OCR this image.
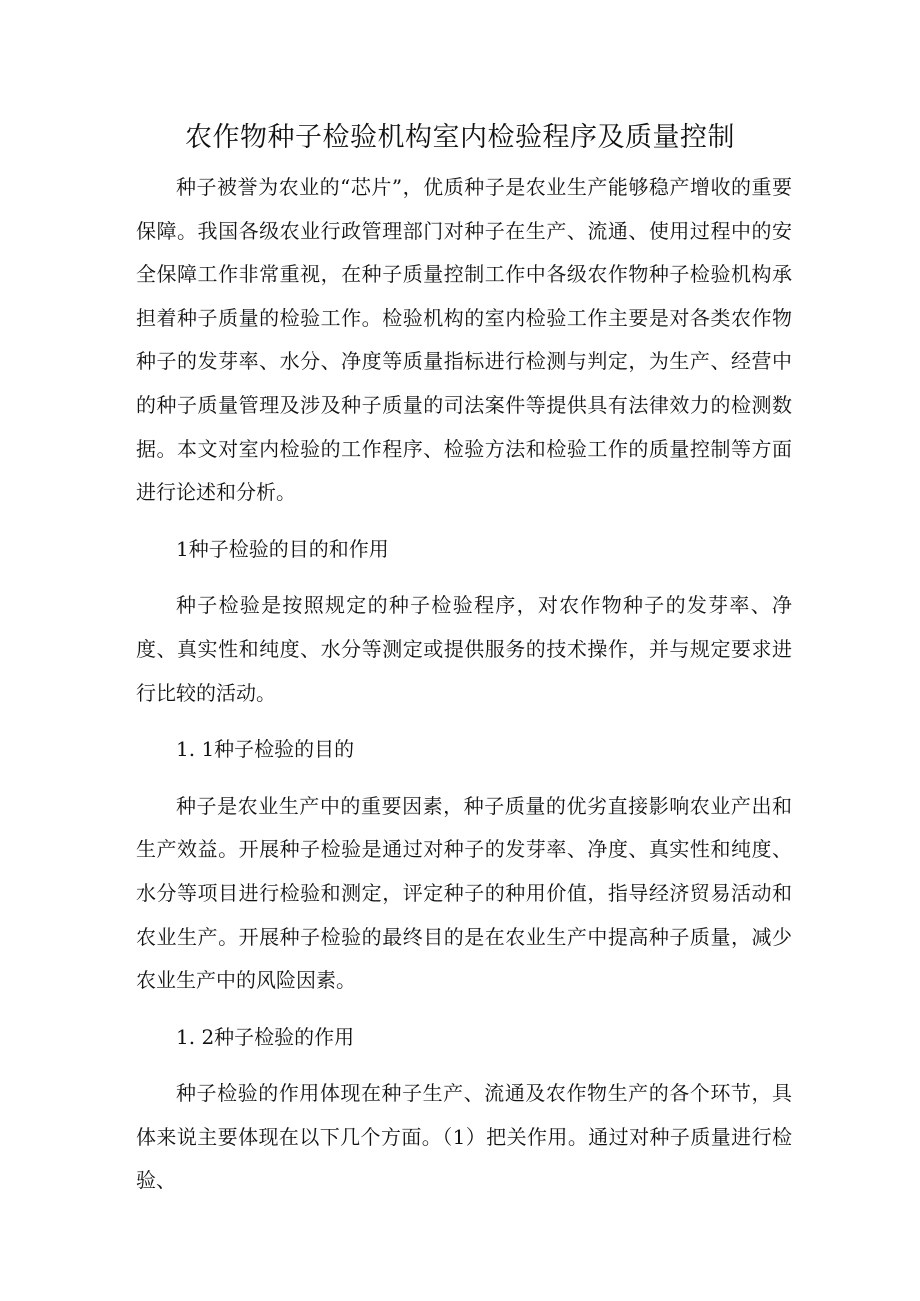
农作物种子检验机构室内检验程序及质量控制

种子被誉为农业的“芯片”，优质种子是农业生产能够稳产增收的重要保障。我国各级农业行政管理部门对种子在生产、流通、使用过程中的安全保障工作非常重视，在种子质量控制工作中各级农作物种子检验机构承担着种子质量的检验工作。检验机构的室内检验工作主要是对各类农作物种子的发芽率、水分、净度等质量指标进行检测与判定，为生产、经营中的种子质量管理及涉及种子质量的司法案件等提供具有法律效力的检测数据。本文对室内检验的工作程序、检验方法和检验工作的质量控制等方面进行论述和分析。

1种子检验的目的和作用

种子检验是按照规定的种子检验程序，对农作物种子的发芽率、净度、真实性和纯度、水分等测定或提供服务的技术操作，并与规定要求进行比较的活动。

1. 1种子检验的目的

种子是农业生产中的重要因素，种子质量的优劣直接影响农业产出和生产效益。开展种子检验是通过对种子的发芽率、净度、真实性和纯度、水分等项目进行检验和测定，评定种子的种用价值，指导经济贸易活动和农业生产。开展种子检验的最终目的是在农业生产中提高种子质量，减少农业生产中的风险因素。

1. 2种子检验的作用

种子检验的作用体现在种子生产、流通及农作物生产的各个环节，具体来说主要体现在以下几个方面。（1）把关作用。通过对种子质量进行检验、
